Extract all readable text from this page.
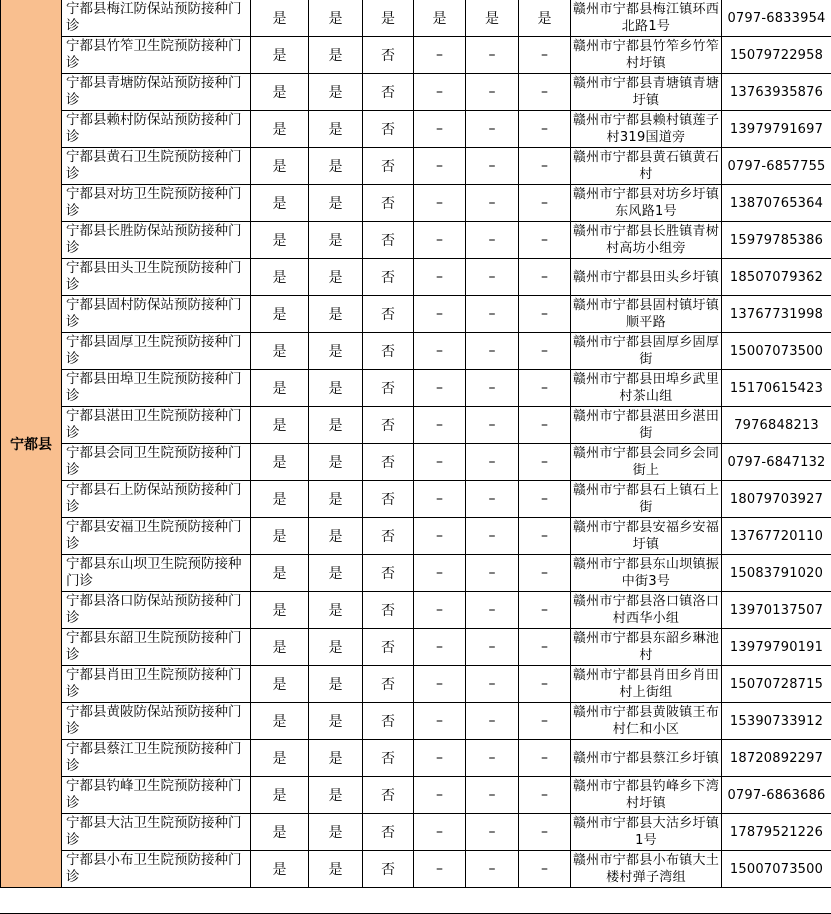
宁都县	宁都县梅江防保站预防接种门诊	是	是	是	是	是	是	赣州市宁都县梅江镇环西北路1号	0797-6833954
	宁都县竹笮卫生院预防接种门诊	是	是	否	–	–	–	赣州市宁都县竹笮乡竹笮村圩镇	15079722958
	宁都县青塘防保站预防接种门诊	是	是	否	–	–	–	赣州市宁都县青塘镇青塘圩镇	13763935876
	宁都县赖村防保站预防接种门诊	是	是	否	–	–	–	赣州市宁都县赖村镇莲子村319国道旁	13979791697
	宁都县黄石卫生院预防接种门诊	是	是	否	–	–	–	赣州市宁都县黄石镇黄石村	0797-6857755
	宁都县对坊卫生院预防接种门诊	是	是	否	–	–	–	赣州市宁都县对坊乡圩镇东风路1号	13870765364
	宁都县长胜防保站预防接种门诊	是	是	否	–	–	–	赣州市宁都县长胜镇青树村高坊小组旁	15979785386
	宁都县田头卫生院预防接种门诊	是	是	否	–	–	–	赣州市宁都县田头乡圩镇	18507079362
	宁都县固村防保站预防接种门诊	是	是	否	–	–	–	赣州市宁都县固村镇圩镇顺平路	13767731998
	宁都县固厚卫生院预防接种门诊	是	是	否	–	–	–	赣州市宁都县固厚乡固厚街	15007073500
	宁都县田埠卫生院预防接种门诊	是	是	否	–	–	–	赣州市宁都县田埠乡武里村茶山组	15170615423
	宁都县湛田卫生院预防接种门诊	是	是	否	–	–	–	赣州市宁都县湛田乡湛田街	7976848213
	宁都县会同卫生院预防接种门诊	是	是	否	–	–	–	赣州市宁都县会同乡会同街上	0797-6847132
	宁都县石上防保站预防接种门诊	是	是	否	–	–	–	赣州市宁都县石上镇石上街	18079703927
	宁都县安福卫生院预防接种门诊	是	是	否	–	–	–	赣州市宁都县安福乡安福圩镇	13767720110
	宁都县东山坝卫生院预防接种门诊	是	是	否	–	–	–	赣州市宁都县东山坝镇振中街3号	15083791020
	宁都县洛口防保站预防接种门诊	是	是	否	–	–	–	赣州市宁都县洛口镇洛口村西华小组	13970137507
	宁都县东韶卫生院预防接种门诊	是	是	否	–	–	–	赣州市宁都县东韶乡琳池村	13979790191
	宁都县肖田卫生院预防接种门诊	是	是	否	–	–	–	赣州市宁都县肖田乡肖田村上街组	15070728715
	宁都县黄陂防保站预防接种门诊	是	是	否	–	–	–	赣州市宁都县黄陂镇王布村仁和小区	15390733912
	宁都县蔡江卫生院预防接种门诊	是	是	否	–	–	–	赣州市宁都县蔡江乡圩镇	18720892297
	宁都县钓峰卫生院预防接种门诊	是	是	否	–	–	–	赣州市宁都县钓峰乡下湾村圩镇	0797-6863686
	宁都县大沽卫生院预防接种门诊	是	是	否	–	–	–	赣州市宁都县大沽乡圩镇1号	17879521226
	宁都县小布卫生院预防接种门诊	是	是	否	–	–	–	赣州市宁都县小布镇大土楼村弹子湾组	15007073500
